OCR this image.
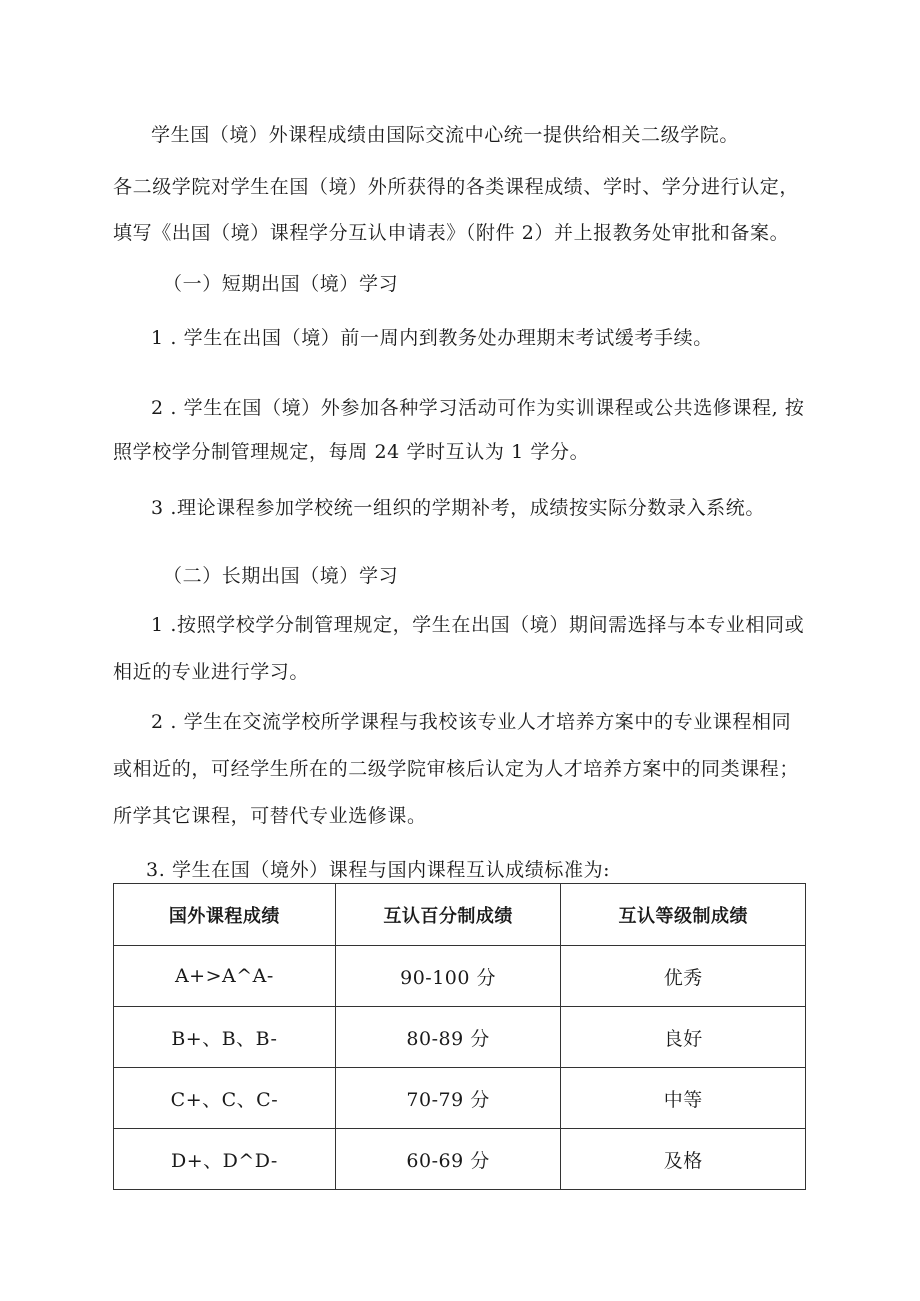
学生国（境）外课程成绩由国际交流中心统一提供给相关二级学院。
各二级学院对学生在国（境）外所获得的各类课程成绩、学时、学分进行认定，
填写《出国（境）课程学分互认申请表》（附件 2）并上报教务处审批和备案。
（一）短期出国（境）学习
1 . 学生在出国（境）前一周内到教务处办理期末考试缓考手续。
2 . 学生在国（境）外参加各种学习活动可作为实训课程或公共选修课程, 按
照学校学分制管理规定，每周 24 学时互认为 1 学分。
3 .理论课程参加学校统一组织的学期补考，成绩按实际分数录入系统。
（二）长期出国（境）学习
1 .按照学校学分制管理规定，学生在出国（境）期间需选择与本专业相同或
相近的专业进行学习。
2 . 学生在交流学校所学课程与我校该专业人才培养方案中的专业课程相同
或相近的，可经学生所在的二级学院审核后认定为人才培养方案中的同类课程；
所学其它课程，可替代专业选修课。
3. 学生在国（境外）课程与国内课程互认成绩标准为:
国外课程成绩	互认百分制成绩	互认等级制成绩
A+>A^A-	90-100 分	优秀
B+、B、B-	80-89 分	良好
C+、C、C-	70-79 分	中等
D+、D^D-	60-69 分	及格
